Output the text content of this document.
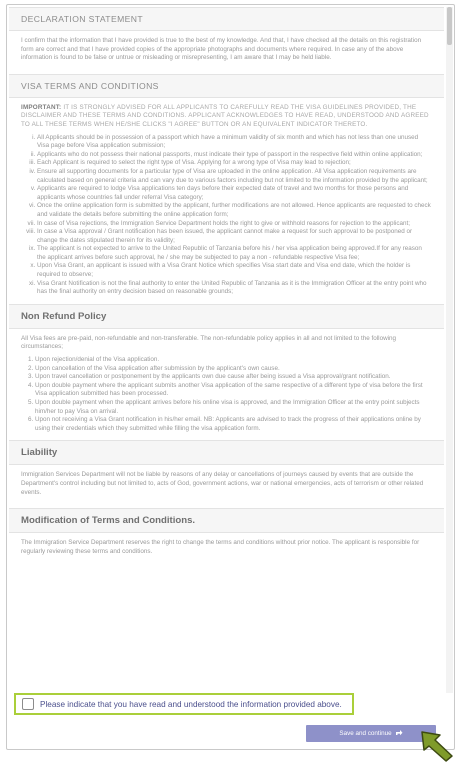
DECLARATION STATEMENT

I confirm that the information that I have provided is true to the best of my knowledge. And that, I have checked all the details on this registration form are correct and that I have provided copies of the appropriate photographs and documents where required. In case any of the above information is found to be false or untrue or misleading or misrepresenting, I am aware that I may be held liable.

VISA TERMS AND CONDITIONS

IMPORTANT: IT IS STRONGLY ADVISED FOR ALL APPLICANTS TO CAREFULLY READ THE VISA GUIDELINES PROVIDED, THE DISCLAIMER AND THESE TERMS AND CONDITIONS. APPLICANT ACKNOWLEDGES TO HAVE READ, UNDERSTOOD AND AGREED TO ALL THESE TERMS WHEN HE/SHE CLICKS "I AGREE" BUTTON OR AN EQUIVALENT INDICATOR THERETO.

i. All Applicants should be in possession of a passport which have a minimum validity of six month and which has not less than one unused Visa page before Visa application submission;
ii. Applicants who do not possess their national passports, must indicate their type of passport in the respective field within online application;
iii. Each Applicant is required to select the right type of Visa. Applying for a wrong type of Visa may lead to rejection;
iv. Ensure all supporting documents for a particular type of Visa are uploaded in the online application. All Visa application requirements are calculated based on general criteria and can vary due to various factors including but not limited to the information provided by the applicant;
v. Applicants are required to lodge Visa applications ten days before their expected date of travel and two months for those persons and applicants whose countries fall under referral Visa category;
vi. Once the online application form is submitted by the applicant, further modifications are not allowed. Hence applicants are requested to check and validate the details before submitting the online application form;
vii. In case of Visa rejections, the Immigration Service Department holds the right to give or withhold reasons for rejection to the applicant;
viii. In case a Visa approval / Grant notification has been issued, the applicant cannot make a request for such approval to be postponed or change the dates stipulated therein for its validity;
ix. The applicant is not expected to arrive to the United Republic of Tanzania before his / her visa application being approved.If for any reason the applicant arrives before such approval, he / she may be subjected to pay a non - refundable respective Visa fee;
x. Upon Visa Grant, an applicant is issued with a Visa Grant Notice which specifies Visa start date and Visa end date, which the holder is required to observe;
xi. Visa Grant Notification is not the final authority to enter the United Republic of Tanzania as it is the Immigration Officer at the entry point who has the final authority on entry decision based on reasonable grounds;
Non Refund Policy

All Visa fees are pre-paid, non-refundable and non-transferable. The non-refundable policy applies in all and not limited to the following circumstances;

1. Upon rejection/denial of the Visa application.
2. Upon cancellation of the Visa application after submission by the applicant's own cause.
3. Upon travel cancellation or postponement by the applicants own due cause after being issued a Visa approval/grant notification.
4. Upon double payment where the applicant submits another Visa application of the same respective of a different type of visa before the first Visa application submitted has been processed.
5. Upon double payment when the applicant arrives before his online visa is approved, and the Immigration Officer at the entry point subjects him/her to pay Visa on arrival.
6. Upon not receiving a Visa Grant notification in his/her email. NB: Applicants are advised to track the progress of their applications online by using their credentials which they submitted while filling the visa application form.
Liability

Immigration Services Department will not be liable by reasons of any delay or cancellations of journeys caused by events that are outside the Department's control including but not limited to, acts of God, government actions, war or national emergencies, acts of terrorism or other related events.

Modification of Terms and Conditions.

The Immigration Service Department reserves the right to change the terms and conditions without prior notice. The applicant is responsible for regularly reviewing these terms and conditions.

Please indicate that you have read and understood the information provided above.
Save and continue
